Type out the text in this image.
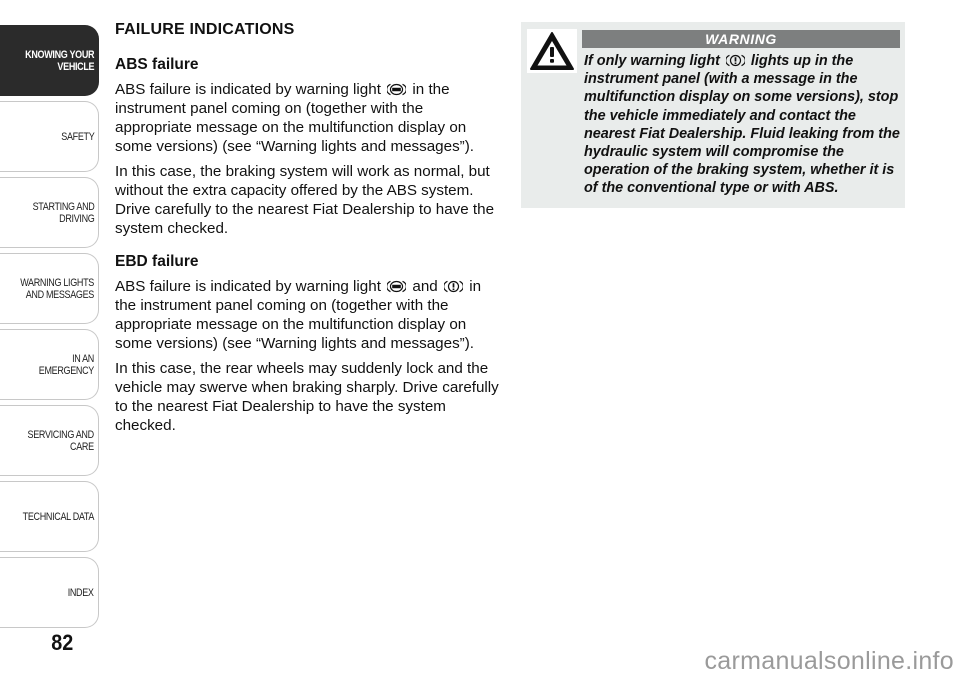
KNOWING YOUR
VEHICLE
SAFETY
STARTING AND
DRIVING
WARNING LIGHTS
AND MESSAGES
IN AN EMERGENCY
SERVICING AND
CARE
TECHNICAL DATA
INDEX
82
FAILURE INDICATIONS
ABS failure

ABS failure is indicated by warning light in the instrument panel coming on (together with the appropriate message on the multifunction display on some versions) (see “Warning lights and messages”).

In this case, the braking system will work as normal, but without the extra capacity offered by the ABS system. Drive carefully to the nearest Fiat Dealership to have the system checked.

EBD failure

ABS failure is indicated by warning light and in the instrument panel coming on (together with the appropriate message on the multifunction display on some versions) (see “Warning lights and messages”).

In this case, the rear wheels may suddenly lock and the vehicle may swerve when braking sharply. Drive carefully to the nearest Fiat Dealership to have the system checked.

WARNING
If only warning light lights up in the instrument panel (with a message in the multifunction display on some versions), stop the vehicle immediately and contact the nearest Fiat Dealership. Fluid leaking from the hydraulic system will compromise the operation of the braking system, whether it is of the conventional type or with ABS.
carmanualsonline.info
